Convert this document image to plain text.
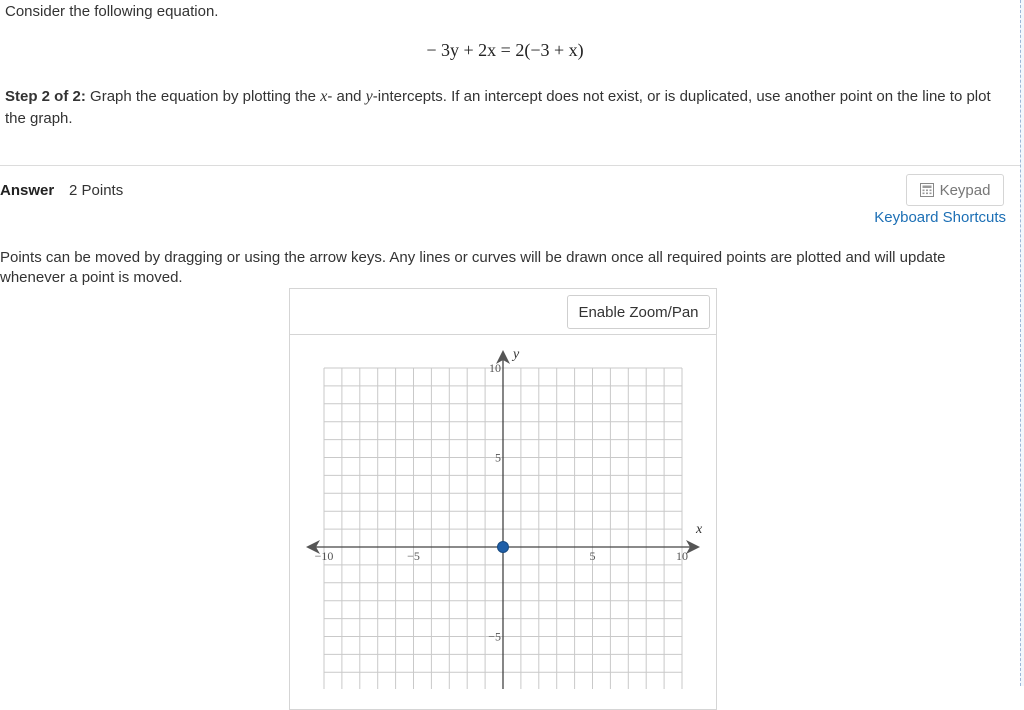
Consider the following equation.
− 3y + 2x = 2(−3 + x)
Step 2 of 2: Graph the equation by plotting the x- and y-intercepts. If an intercept does not exist, or is duplicated, use another point on the line to plot the graph.
Answer 2 Points	Keypad
Keyboard Shortcuts
Points can be moved by dragging or using the arrow keys. Any lines or curves will be drawn once all required points are plotted and will update whenever a point is moved.
Enable Zoom/Pan
x
y
−10	−5	5	10
10
5
−5
